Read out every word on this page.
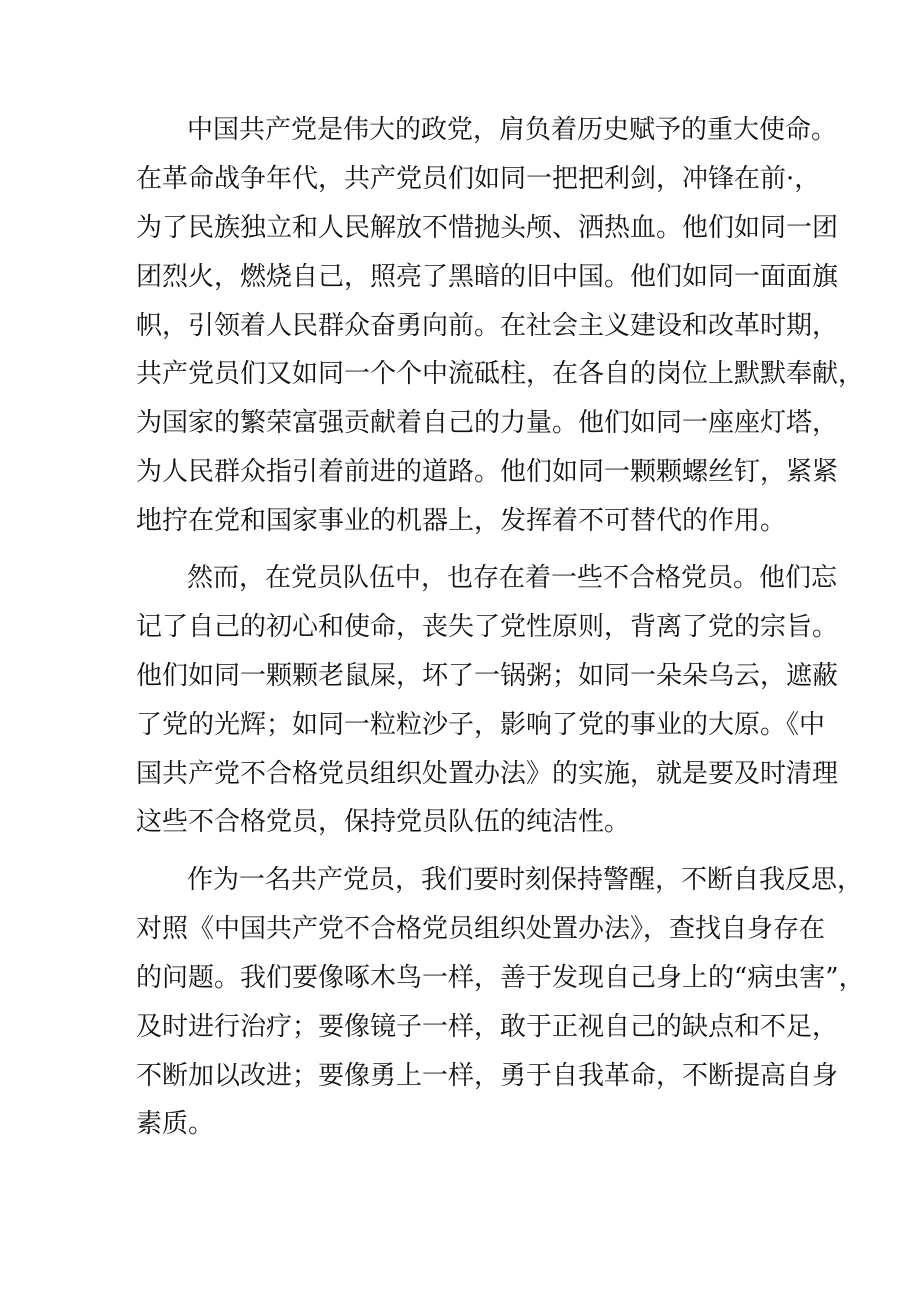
中国共产党是伟大的政党，肩负着历史赋予的重大使命。
在革命战争年代，共产党员们如同一把把利剑，冲锋在前·，
为了民族独立和人民解放不惜抛头颅、洒热血。他们如同一团
团烈火，燃烧自己，照亮了黑暗的旧中国。他们如同一面面旗
帜，引领着人民群众奋勇向前。在社会主义建设和改革时期，
共产党员们又如同一个个中流砥柱，在各自的岗位上默默奉献，
为国家的繁荣富强贡献着自己的力量。他们如同一座座灯塔，
为人民群众指引着前进的道路。他们如同一颗颗螺丝钉，紧紧
地拧在党和国家事业的机器上，发挥着不可替代的作用。
然而，在党员队伍中，也存在着一些不合格党员。他们忘
记了自己的初心和使命，丧失了党性原则，背离了党的宗旨。
他们如同一颗颗老鼠屎，坏了一锅粥；如同一朵朵乌云，遮蔽
了党的光辉；如同一粒粒沙子，影响了党的事业的大原。《中
国共产党不合格党员组织处置办法》的实施，就是要及时清理
这些不合格党员，保持党员队伍的纯洁性。
作为一名共产党员，我们要时刻保持警醒，不断自我反思，
对照《中国共产党不合格党员组织处置办法》，查找自身存在
的问题。我们要像啄木鸟一样，善于发现自己身上的“病虫害”，
及时进行治疗；要像镜子一样，敢于正视自己的缺点和不足，
不断加以改进；要像勇上一样，勇于自我革命，不断提高自身
素质。
